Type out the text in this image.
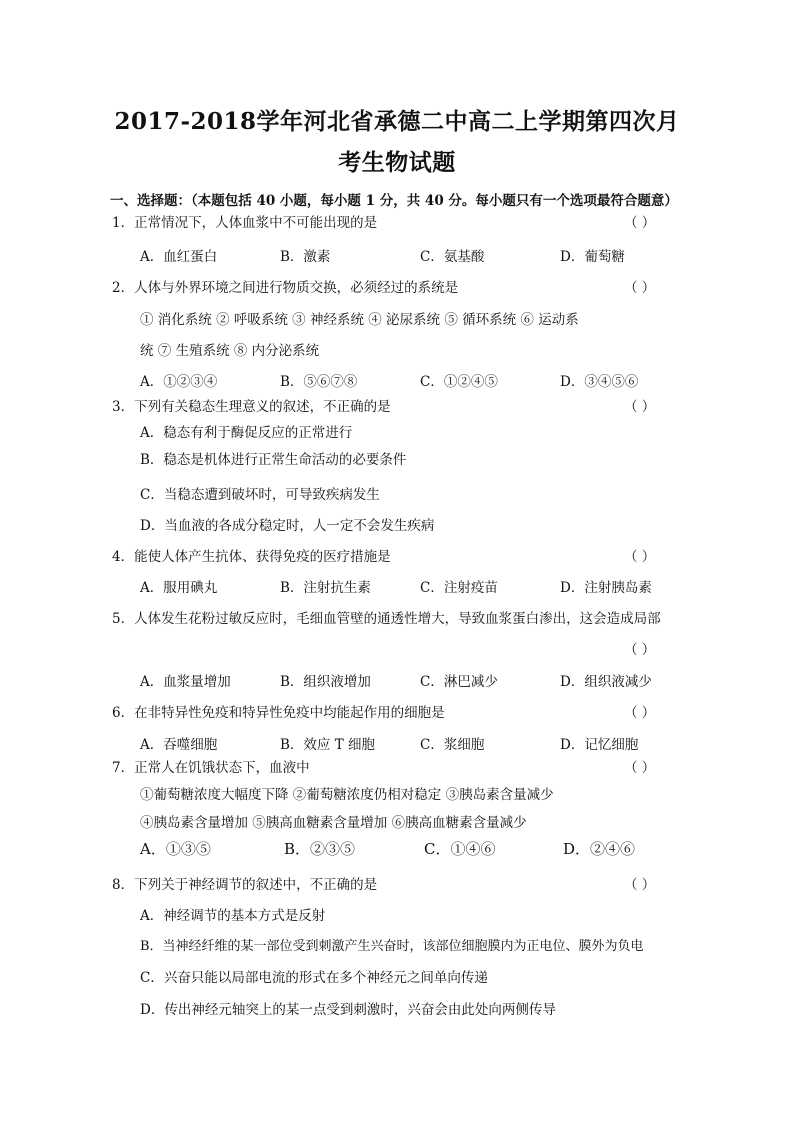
2017-2018学年河北省承德二中高二上学期第四次月
考生物试题
一、选择题：（本题包括 40 小题，每小题 1 分，共 40 分。每小题只有一个选项最符合题意）
1．正常情况下，人体血浆中不可能出现的是	（ ）
A．血红蛋白	B．激素	C．氨基酸	D．葡萄糖
2．人体与外界环境之间进行物质交换，必须经过的系统是	（ ）
① 消化系统 ② 呼吸系统 ③ 神经系统 ④ 泌尿系统 ⑤ 循环系统 ⑥ 运动系
统 ⑦ 生殖系统 ⑧ 内分泌系统
A．①②③④	B．⑤⑥⑦⑧	C．①②④⑤	D．③④⑤⑥
3．下列有关稳态生理意义的叙述，不正确的是	（ ）
A．稳态有利于酶促反应的正常进行
B．稳态是机体进行正常生命活动的必要条件
C．当稳态遭到破坏时，可导致疾病发生
D．当血液的各成分稳定时，人一定不会发生疾病
4．能使人体产生抗体、获得免疫的医疗措施是	（ ）
A．服用碘丸	B．注射抗生素	C．注射疫苗	D．注射胰岛素
5．人体发生花粉过敏反应时，毛细血管壁的通透性增大，导致血浆蛋白渗出，这会造成局部
（ ）
A．血浆量增加	B．组织液增加	C．淋巴减少	D．组织液减少
6．在非特异性免疫和特异性免疫中均能起作用的细胞是	（ ）
A．吞噬细胞	B．效应 T 细胞	C．浆细胞	D．记忆细胞
7．正常人在饥饿状态下，血液中	（ ）
①葡萄糖浓度大幅度下降 ②葡萄糖浓度仍相对稳定 ③胰岛素含量减少
④胰岛素含量增加 ⑤胰高血糖素含量增加 ⑥胰高血糖素含量减少
A．①③⑤	B．②③⑤	C．①④⑥	D．②④⑥
8．下列关于神经调节的叙述中，不正确的是	（ ）
A．神经调节的基本方式是反射
B．当神经纤维的某一部位受到刺激产生兴奋时，该部位细胞膜内为正电位、膜外为负电
C．兴奋只能以局部电流的形式在多个神经元之间单向传递
D．传出神经元轴突上的某一点受到刺激时，兴奋会由此处向两侧传导
